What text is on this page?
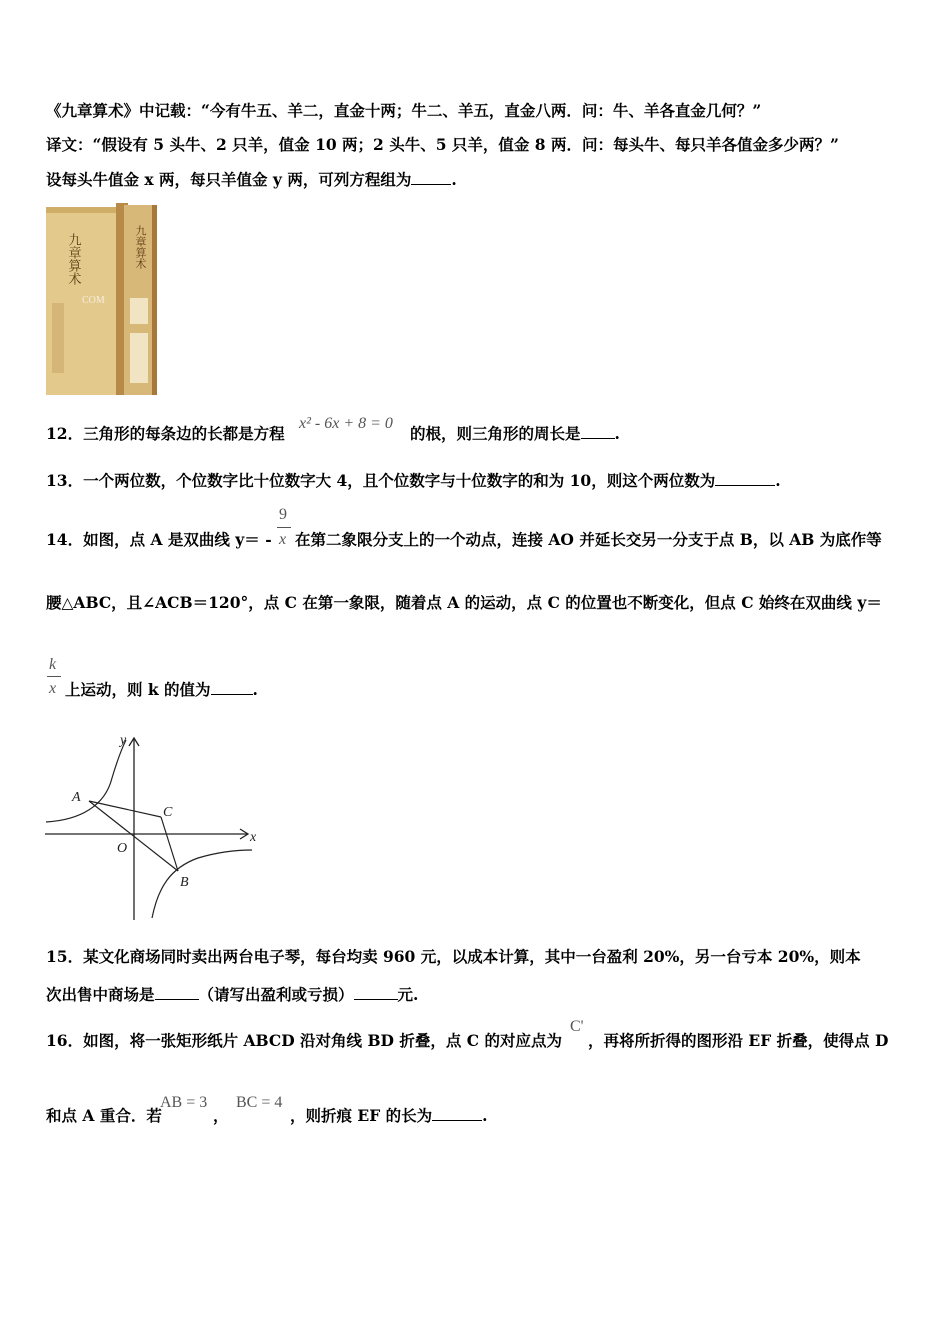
《九章算术》中记载：“今有牛五、羊二，直金十两；牛二、羊五，直金八两．问：牛、羊各直金几何？”
译文：“假设有 5 头牛、2 只羊，值金 10 两；2 头牛、5 只羊，值金 8 两．问：每头牛、每只羊各值金多少两？”
设每头牛值金 x 两，每只羊值金 y 两，可列方程组为	.
九章算术	九章算术
COM
12．三角形的每条边的长都是方程
x² - 6x + 8 = 0
的根，则三角形的周长是 .
13．一个两位数，个位数字比十位数字大 4，且个位数字与十位数字的和为 10，则这个两位数为	.
14．如图，点 A 是双曲线 y＝ -
9
x 在第二象限分支上的一个动点，连接 AO 并延长交另一分支于点 B，以 AB 为底作等
腰△ABC，且∠ACB＝120°，点 C 在第一象限，随着点 A 的运动，点 C 的位置也不断变化，但点 C 始终在双曲线 y＝
k
x 上运动，则 k 的值为	.
y
x
A
C
O
B
15．某文化商场同时卖出两台电子琴，每台均卖 960 元，以成本计算，其中一台盈利 20%，另一台亏本 20%，则本
次出售中商场是	（请写出盈利或亏损）	元.
16．如图，将一张矩形纸片 ABCD 沿对角线 BD 折叠，点 C 的对应点为
C'
，再将所折得的图形沿 EF 折叠，使得点 D
和点 A 重合．若
AB = 3
，
BC = 4
，则折痕 EF 的长为	.
